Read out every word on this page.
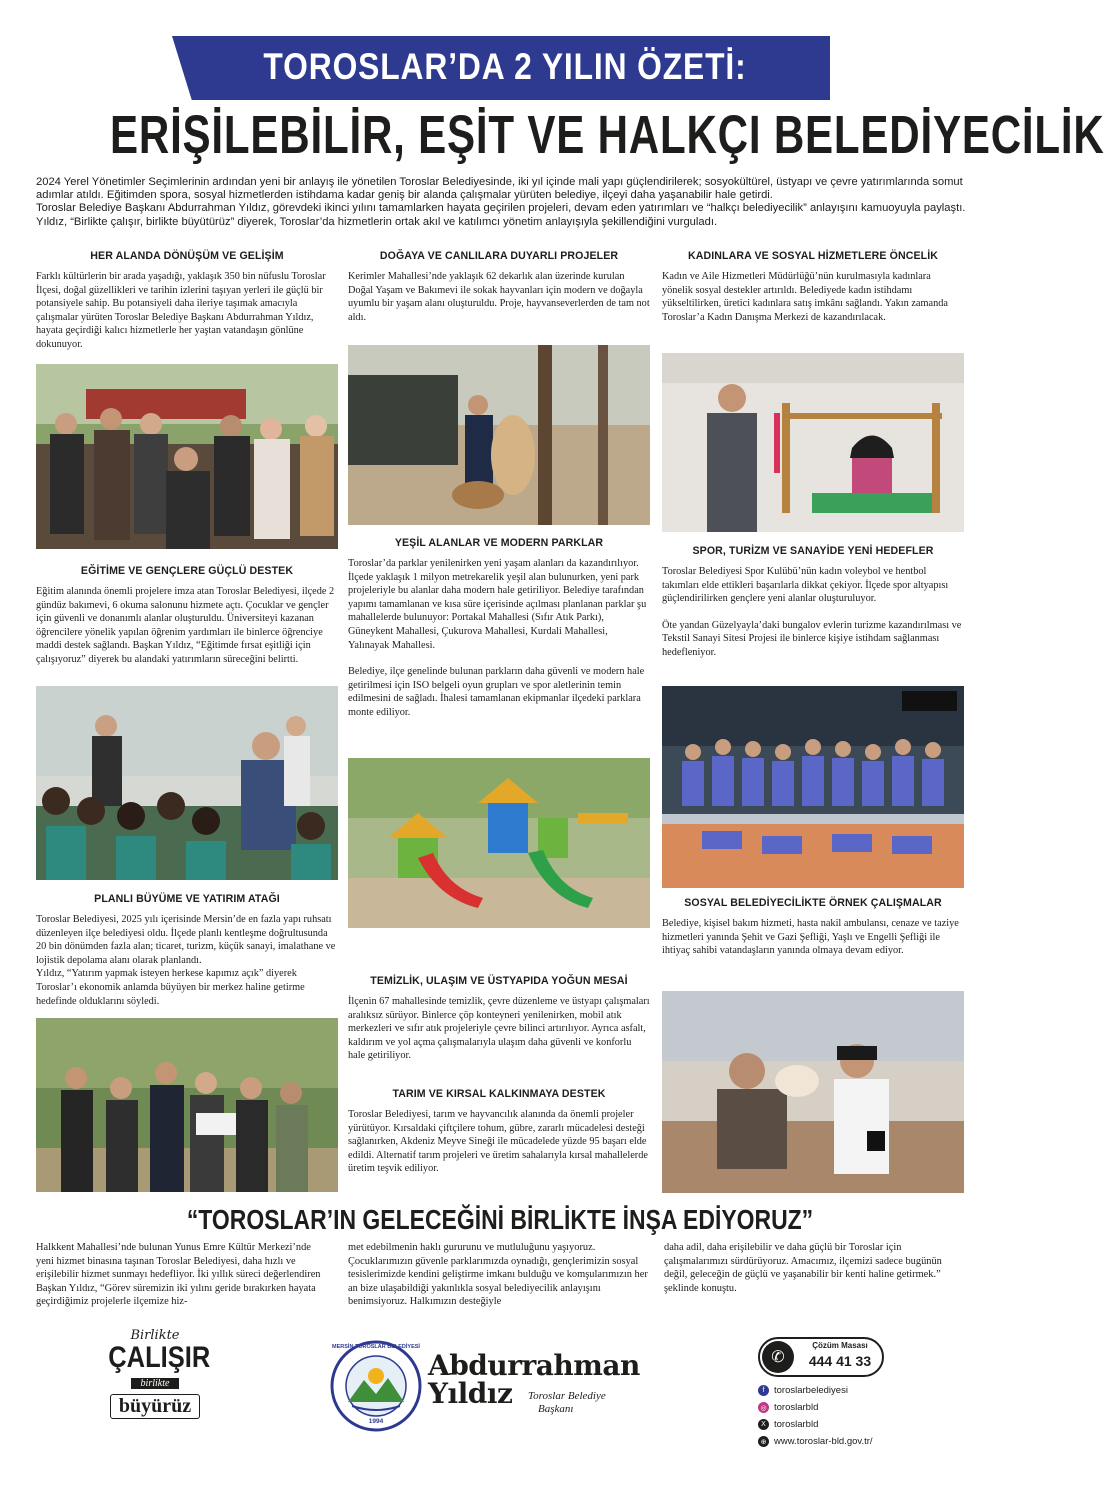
TOROSLAR’DA 2 YILIN ÖZETİ:
ERİŞİLEBİLİR, EŞİT VE HALKÇI BELEDİYECİLİK

2024 Yerel Yönetimler Seçimlerinin ardından yeni bir anlayış ile yönetilen Toroslar Belediyesinde, iki yıl içinde mali yapı güçlendirilerek; sosyokültürel, üstyapı ve çevre yatırımlarında somut adımlar atıldı. Eğitimden spora, sosyal hizmetlerden istihdama kadar geniş bir alanda çalışmalar yürüten belediye, ilçeyi daha yaşanabilir hale getirdi.

Toroslar Belediye Başkanı Abdurrahman Yıldız, görevdeki ikinci yılını tamamlarken hayata geçirilen projeleri, devam eden yatırımları ve “halkçı belediyecilik” anlayışını kamuoyuyla paylaştı. Yıldız, “Birlikte çalışır, birlikte büyütürüz” diyerek, Toroslar’da hizmetlerin ortak akıl ve katılımcı yönetim anlayışıyla şekillendiğini vurguladı.

HER ALANDA DÖNÜŞÜM VE GELİŞİM

Farklı kültürlerin bir arada yaşadığı, yaklaşık 350 bin nüfuslu Toroslar İlçesi, doğal güzellikleri ve tarihin izlerini taşıyan yerleri ile güçlü bir potansiyele sahip. Bu potansiyeli daha ileriye taşımak amacıyla çalışmalar yürüten Toroslar Belediye Başkanı Abdurrahman Yıldız, hayata geçirdiği kalıcı hizmetlerle her yaştan vatandaşın gönlüne dokunuyor.

EĞİTİME VE GENÇLERE GÜÇLÜ DESTEK

Eğitim alanında önemli projelere imza atan Toroslar Belediyesi, ilçede 2 gündüz bakımevi, 6 okuma salonunu hizmete açtı. Çocuklar ve gençler için güvenli ve donanımlı alanlar oluşturuldu. Üniversiteyi kazanan öğrencilere yönelik yapılan öğrenim yardımları ile binlerce öğrenciye maddi destek sağlandı. Başkan Yıldız, “Eğitimde fırsat eşitliği için çalışıyoruz” diyerek bu alandaki yatırımların süreceğini belirtti.

PLANLI BÜYÜME VE YATIRIM ATAĞI

Toroslar Belediyesi, 2025 yılı içerisinde Mersin’de en fazla yapı ruhsatı düzenleyen ilçe belediyesi oldu. İlçede planlı kentleşme doğrultusunda 20 bin dönümden fazla alan; ticaret, turizm, küçük sanayi, imalathane ve lojistik depolama alanı olarak planlandı.

Yıldız, “Yatırım yapmak isteyen herkese kapımız açık” diyerek Toroslar’ı ekonomik anlamda büyüyen bir merkez haline getirme hedefinde olduklarını söyledi.

DOĞAYA VE CANLILARA DUYARLI PROJELER

Kerimler Mahallesi’nde yaklaşık 62 dekarlık alan üzerinde kurulan Doğal Yaşam ve Bakımevi ile sokak hayvanları için modern ve doğayla uyumlu bir yaşam alanı oluşturuldu. Proje, hayvanseverlerden de tam not aldı.

YEŞİL ALANLAR VE MODERN PARKLAR

Toroslar’da parklar yenilenirken yeni yaşam alanları da kazandırılıyor. İlçede yaklaşık 1 milyon metrekarelik yeşil alan bulunurken, yeni park projeleriyle bu alanlar daha modern hale getiriliyor. Belediye tarafından yapımı tamamlanan ve kısa süre içerisinde açılması planlanan parklar şu mahallelerde bulunuyor: Portakal Mahallesi (Sıfır Atık Parkı), Güneykent Mahallesi, Çukurova Mahallesi, Kurdali Mahallesi, Yalınayak Mahallesi.

Belediye, ilçe genelinde bulunan parkların daha güvenli ve modern hale getirilmesi için ISO belgeli oyun grupları ve spor aletlerinin temin edilmesini de sağladı. İhalesi tamamlanan ekipmanlar ilçedeki parklara monte ediliyor.

TEMİZLİK, ULAŞIM VE ÜSTYAPIDA YOĞUN MESAİ

İlçenin 67 mahallesinde temizlik, çevre düzenleme ve üstyapı çalışmaları aralıksız sürüyor. Binlerce çöp konteyneri yenilenirken, mobil atık merkezleri ve sıfır atık projeleriyle çevre bilinci artırılıyor. Ayrıca asfalt, kaldırım ve yol açma çalışmalarıyla ulaşım daha güvenli ve konforlu hale getiriliyor.

TARIM VE KIRSAL KALKINMAYA DESTEK

Toroslar Belediyesi, tarım ve hayvancılık alanında da önemli projeler yürütüyor. Kırsaldaki çiftçilere tohum, gübre, zararlı mücadelesi desteği sağlanırken, Akdeniz Meyve Sineği ile mücadelede yüzde 95 başarı elde edildi. Alternatif tarım projeleri ve üretim sahalarıyla kırsal mahallelerde üretim teşvik ediliyor.

KADINLARA VE SOSYAL HİZMETLERE ÖNCELİK

Kadın ve Aile Hizmetleri Müdürlüğü’nün kurulmasıyla kadınlara yönelik sosyal destekler artırıldı. Belediyede kadın istihdamı yükseltilirken, üretici kadınlara satış imkânı sağlandı. Yakın zamanda Toroslar’a Kadın Danışma Merkezi de kazandırılacak.

SPOR, TURİZM VE SANAYİDE YENİ HEDEFLER

Toroslar Belediyesi Spor Kulübü’nün kadın voleybol ve hentbol takımları elde ettikleri başarılarla dikkat çekiyor. İlçede spor altyapısı güçlendirilirken gençlere yeni alanlar oluşturuluyor.

Öte yandan Güzelyayla’daki bungalov evlerin turizme kazandırılması ve Tekstil Sanayi Sitesi Projesi ile binlerce kişiye istihdam sağlanması hedefleniyor.

SOSYAL BELEDİYECİLİKTE ÖRNEK ÇALIŞMALAR

Belediye, kişisel bakım hizmeti, hasta nakil ambulansı, cenaze ve taziye hizmetleri yanında Şehit ve Gazi Şefliği, Yaşlı ve Engelli Şefliği ile ihtiyaç sahibi vatandaşların yanında olmaya devam ediyor.

“TOROSLAR’IN GELECEĞİNİ BİRLİKTE İNŞA EDİYORUZ”

Halkkent Mahallesi’nde bulunan Yunus Emre Kültür Merkezi’nde yeni hizmet binasına taşınan Toroslar Belediyesi, daha hızlı ve erişilebilir hizmet sunmayı hedefliyor. İki yıllık süreci değerlendiren Başkan Yıldız, “Görev süremizin iki yılını geride bırakırken hayata geçirdiğimiz projelerle ilçemize hiz-

met edebilmenin haklı gururunu ve mutluluğunu yaşıyoruz. Çocuklarımızın güvenle parklarımızda oynadığı, gençlerimizin sosyal tesislerimizde kendini geliştirme imkanı bulduğu ve komşularımızın her an bize ulaşabildiği yakınlıkla sosyal belediyecilik anlayışını benimsiyoruz. Halkımızın desteğiyle

daha adil, daha erişilebilir ve daha güçlü bir Toroslar için çalışmalarımızı sürdürüyoruz. Amacımız, ilçemizi sadece bugünün değil, geleceğin de güçlü ve yaşanabilir bir kenti haline getirmek.” şeklinde konuştu.

Birlikte
ÇALIŞIR
birlikte
büyürüz
1994
MERSİN TOROSLAR BELEDİYESİ
Abdurrahman
Yıldız Toroslar Belediye
Başkanı
✆
Çözüm Masası
444 41 33
f	toroslarbelediyesi
◎ toroslarbld
X toroslarbld
⊕ www.toroslar-bld.gov.tr/
